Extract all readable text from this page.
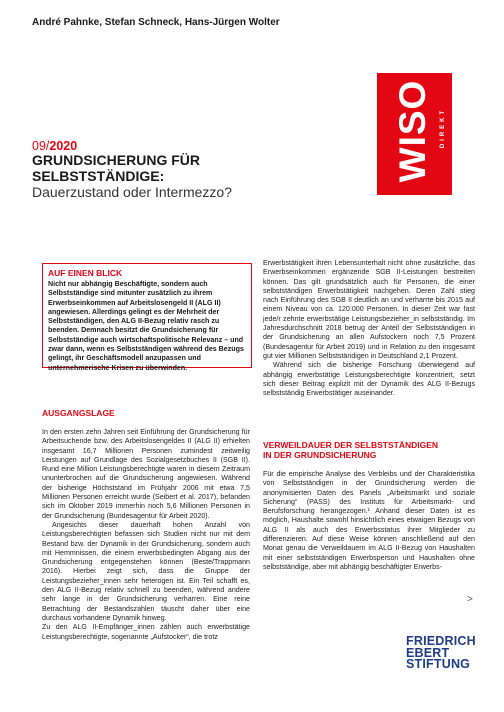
André Pahnke, Stefan Schneck, Hans-Jürgen Wolter
WISO	DIREKT
09/2020
GRUNDSICHERUNG FÜR
SELBSTSTÄNDIGE:
Dauerzustand oder Intermezzo?
AUF EINEN BLICK
Nicht nur abhängig Beschäftigte, sondern auch Selbstständige sind mitunter zusätzlich zu ihrem Erwerbseinkommen auf Arbeitslosengeld II (ALG II) angewiesen. Allerdings gelingt es der Mehrheit der Selbstständigen, den ALG II-Bezug relativ rasch zu beenden. Demnach besitzt die Grundsicherung für Selbstständige auch wirtschaftspolitische Relevanz – und zwar dann, wenn es Selbstständigen während des Bezugs gelingt, ihr Geschäftsmodell anzupassen und unternehmerische Krisen zu überwinden.
AUSGANGSLAGE

In den ersten zehn Jahren seit Einführung der Grundsicherung für Arbeitsuchende bzw. des Arbeitslosengeldes II (ALG II) erhielten insgesamt 16,7 Millionen Personen zumindest zeitweilig Leistungen auf Grundlage des Sozialgesetzbuches II (SGB II). Rund eine Million Leistungsberechtigte waren in diesem Zeitraum ununterbrochen auf die Grundsicherung angewiesen. Während der bisherige Höchststand im Frühjahr 2006 mit etwa 7,5 Millionen Personen erreicht wurde (Seibert et al. 2017), befanden sich im Oktober 2019 immerhin noch 5,6 Millionen Personen in der Grundsicherung (Bundesagentur für Arbeit 2020).

Angesichts dieser dauerhaft hohen Anzahl von Leistungsberechtigten befassen sich Studien nicht nur mit dem Bestand bzw. der Dynamik in der Grundsicherung, sondern auch mit Hemmnissen, die einem erwerbsbedingten Abgang aus der Grundsicherung entgegenstehen können (Beste/Trappmann 2016). Hierbei zeigt sich, dass die Gruppe der Leistungsbezieher_innen sehr heterogen ist. Ein Teil schafft es, den ALG II-Bezug relativ schnell zu beenden, während andere sehr lange in der Grundsicherung verharren. Eine reine Betrachtung der Bestandszahlen täuscht daher über eine durchaus vorhandene Dynamik hinweg.

Zu den ALG II-Empfänger_innen zählen auch erwerbstätige Leistungsberechtigte, sogenannte „Aufstocker“, die trotz

Erwerbstätigkeit ihren Lebensunterhalt nicht ohne zusätzliche, das Erwerbseinkommen ergänzende SGB II-Leistungen bestreiten können. Das gilt grundsätzlich auch für Personen, die einer selbstständigen Erwerbstätigkeit nachgehen. Deren Zahl stieg nach Einführung des SGB II deutlich an und verharrte bis 2015 auf einem Niveau von ca. 120.000 Personen. In dieser Zeit war fast jede/r zehnte erwerbstätige Leistungsbezieher_in selbstständig. Im Jahresdurchschnitt 2018 betrug der Anteil der Selbstständigen in der Grundsicherung an allen Aufstockern noch 7,5 Prozent (Bundesagentur für Arbeit 2019) und in Relation zu den insgesamt gut vier Millionen Selbstständigen in Deutschland 2,1 Prozent.

Während sich die bisherige Forschung überwiegend auf abhängig erwerbstätige Leistungsberechtigte konzentriert, setzt sich dieser Beitrag explizit mit der Dynamik des ALG II-Bezugs selbstständig Erwerbstätiger auseinander.

VERWEILDAUER DER SELBSTSTÄNDIGEN
IN DER GRUNDSICHERUNG

Für die empirische Analyse des Verbleibs und der Charakteristika von Selbstständigen in der Grundsicherung werden die anonymisierten Daten des Panels „Arbeitsmarkt und soziale Sicherung“ (PASS) des Instituts für Arbeitsmarkt- und Berufsforschung herangezogen.¹ Anhand dieser Daten ist es möglich, Haushalte sowohl hinsichtlich eines etwaigen Bezugs von ALG II als auch des Erwerbsstatus ihrer Mitglieder zu differenzieren. Auf diese Weise können anschließend auf den Monat genau die Verweildauern im ALG II-Bezug von Haushalten mit einer selbstständigen Erwerbsperson und Haushalten ohne selbstständige, aber mit abhängig beschäftigter Erwerbs-

>
FRIEDRICH
EBERT
STIFTUNG
